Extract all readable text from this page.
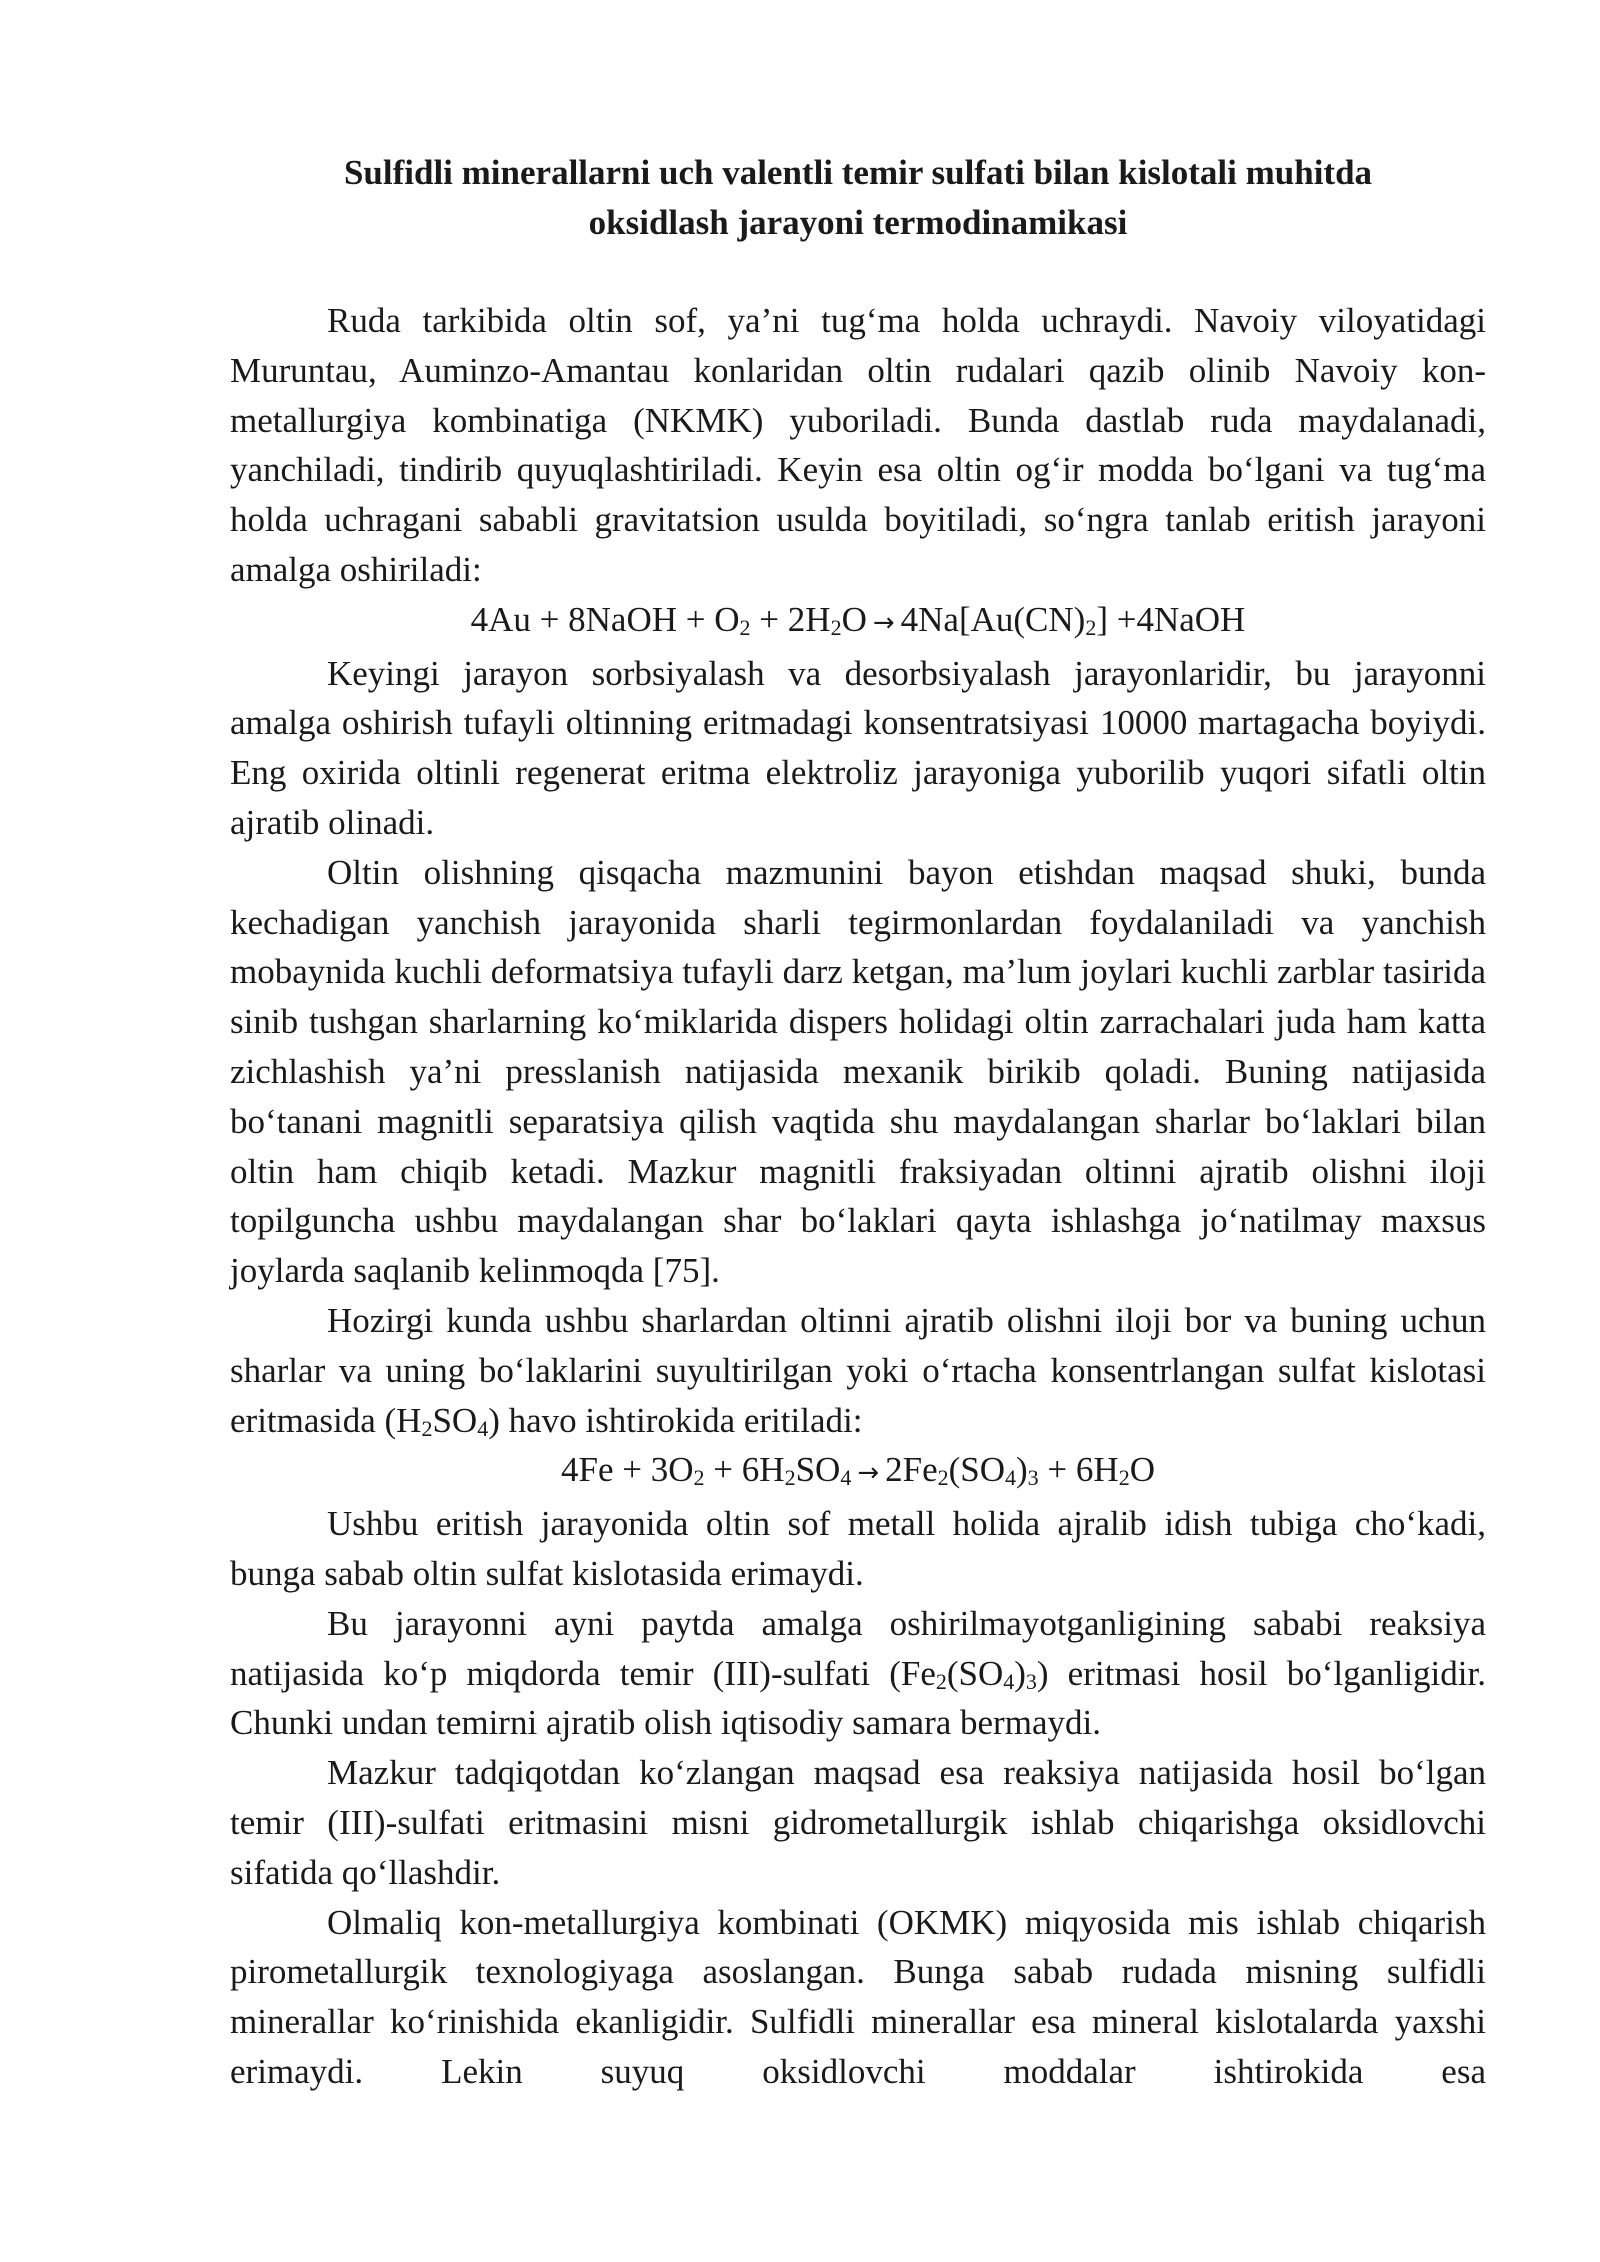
Sulfidli minerallarni uch valentli temir sulfati bilan kislotali muhitda
oksidlash jarayoni termodinamikasi

Ruda tarkibida oltin sof, ya’ni tug‘ma holda uchraydi. Navoiy viloyatidagi Muruntau, Auminzo-Amantau konlaridan oltin rudalari qazib olinib Navoiy kon-metallurgiya kombinatiga (NKMK) yuboriladi. Bunda dastlab ruda maydalanadi, yanchiladi, tindirib quyuqlashtiriladi. Keyin esa oltin og‘ir modda bo‘lgani va tug‘ma holda uchragani sababli gravitatsion usulda boyitiladi, so‘ngra tanlab eritish jarayoni amalga oshiriladi:

4Au + 8NaOH + $O_2 + 2H_2O \to 4Na[Au(CN)_2]$ +4NaOH

Keyingi jarayon sorbsiyalash va desorbsiyalash jarayonlaridir, bu jarayonni amalga oshirish tufayli oltinning eritmadagi konsentratsiyasi 10000 martagacha boyiydi. Eng oxirida oltinli regenerat eritma elektroliz jarayoniga yuborilib yuqori sifatli oltin ajratib olinadi.

Oltin olishning qisqacha mazmunini bayon etishdan maqsad shuki, bunda kechadigan yanchish jarayonida sharli tegirmonlardan foydalaniladi va yanchish mobaynida kuchli deformatsiya tufayli darz ketgan, ma’lum joylari kuchli zarblar tasirida sinib tushgan sharlarning ko‘miklarida dispers holidagi oltin zarrachalari juda ham katta zichlashish ya’ni presslanish natijasida mexanik birikib qoladi. Buning natijasida bo‘tanani magnitli separatsiya qilish vaqtida shu maydalangan sharlar bo‘laklari bilan oltin ham chiqib ketadi. Mazkur magnitli fraksiyadan oltinni ajratib olishni iloji topilguncha ushbu maydalangan shar bo‘laklari qayta ishlashga jo‘natilmay maxsus joylarda saqlanib kelinmoqda [75].

Hozirgi kunda ushbu sharlardan oltinni ajratib olishni iloji bor va buning uchun sharlar va uning bo‘laklarini suyultirilgan yoki o‘rtacha konsentrlangan sulfat kislotasi eritmasida $(H_2SO_4)$ havo ishtirokida eritiladi:

$4Fe + 3O_2 + 6H_2SO_4 \to 2Fe_2(SO_4)_3 + 6H_2O$

Ushbu eritish jarayonida oltin sof metall holida ajralib idish tubiga cho‘kadi, bunga sabab oltin sulfat kislotasida erimaydi.

Bu jarayonni ayni paytda amalga oshirilmayotganligining sababi reaksiya natijasida ko‘p miqdorda temir (III)-sulfati $(Fe_2(SO_4)_3)$ eritmasi hosil bo‘lganligidir. Chunki undan temirni ajratib olish iqtisodiy samara bermaydi.

Mazkur tadqiqotdan ko‘zlangan maqsad esa reaksiya natijasida hosil bo‘lgan temir (III)-sulfati eritmasini misni gidrometallurgik ishlab chiqarishga oksidlovchi sifatida qo‘llashdir.

Olmaliq kon-metallurgiya kombinati (OKMK) miqyosida mis ishlab chiqarish pirometallurgik texnologiyaga asoslangan. Bunga sabab rudada misning sulfidli minerallar ko‘rinishida ekanligidir. Sulfidli minerallar esa mineral kislotalarda yaxshi erimaydi. Lekin suyuq oksidlovchi moddalar ishtirokida esa
